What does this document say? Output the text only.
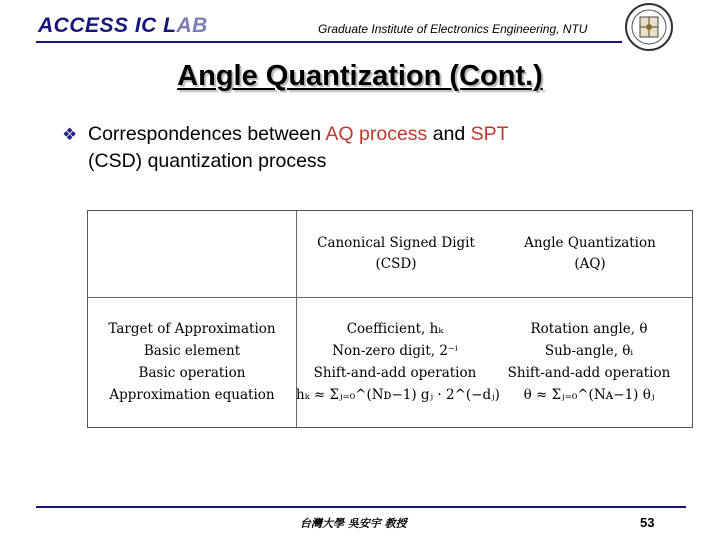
ACCESS IC LAB	Graduate Institute of Electronics Engineering, NTU
Angle Quantization (Cont.)
❖ Correspondences between AQ process and SPT
(CSD) quantization process
Canonical Signed Digit
(CSD)
Angle Quantization
(AQ)
Target of Approximation
Basic element
Basic operation
Approximation equation
Coefficient, hₖ
Non-zero digit, 2⁻ⁱ
Shift-and-add operation
hₖ ≈ Σⱼ₌₀^(Nᴅ−1) gⱼ · 2^(−dⱼ)
Rotation angle, θ
Sub-angle, θᵢ
Shift-and-add operation
θ ≈ Σⱼ₌₀^(Nᴀ−1) θⱼ
台灣大學 吳安宇 教授	53
